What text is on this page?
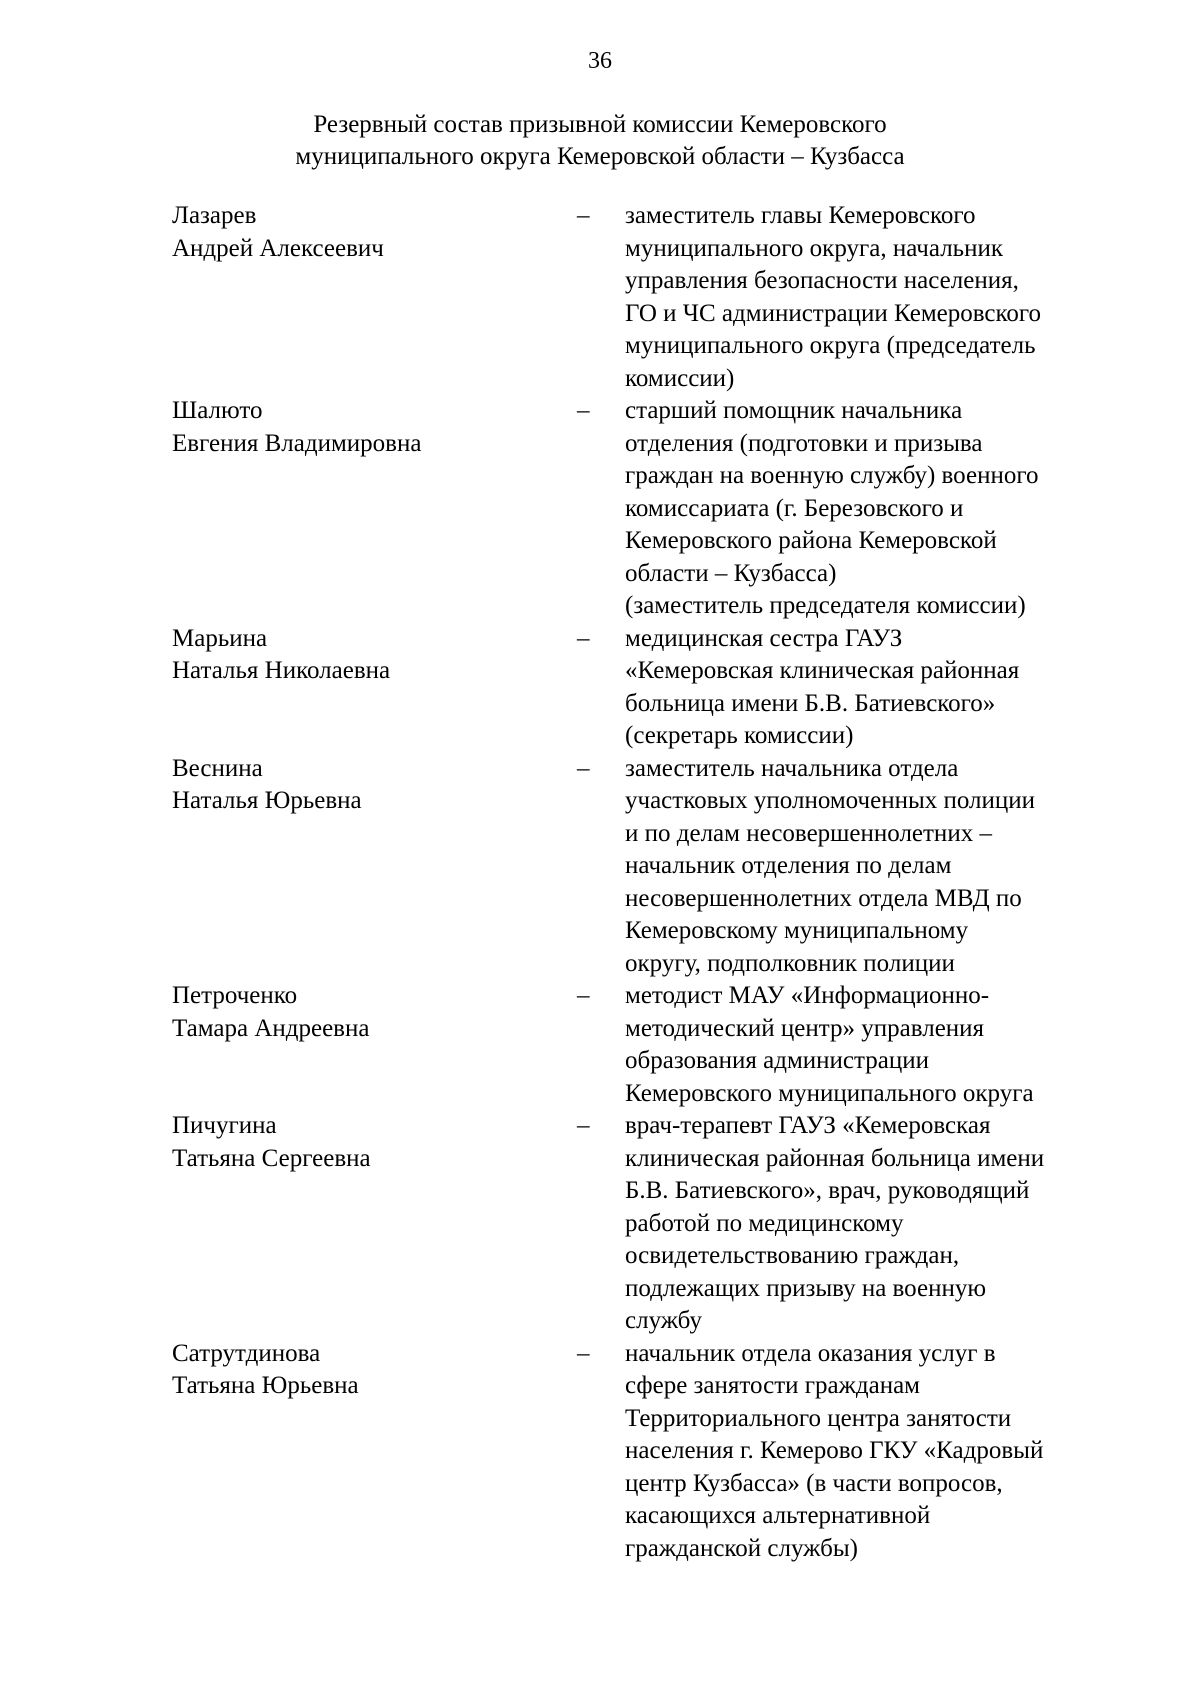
36
Резервный состав призывной комиссии Кемеровского
муниципального округа Кемеровской области – Кузбасса
Лазарев
Андрей Алексеевич
–	заместитель главы Кемеровского
муниципального округа, начальник
управления безопасности населения,
ГО и ЧС администрации Кемеровского
муниципального округа (председатель
комиссии)
Шалюто
Евгения Владимировна
–	старший помощник начальника
отделения (подготовки и призыва
граждан на военную службу) военного
комиссариата (г. Березовского и
Кемеровского района Кемеровской
области – Кузбасса)
(заместитель председателя комиссии)
Марьина
Наталья Николаевна
–	медицинская сестра ГАУЗ
«Кемеровская клиническая районная
больница имени Б.В. Батиевского»
(секретарь комиссии)
Веснина
Наталья Юрьевна
–	заместитель начальника отдела
участковых уполномоченных полиции
и по делам несовершеннолетних –
начальник отделения по делам
несовершеннолетних отдела МВД по
Кемеровскому муниципальному
округу, подполковник полиции
Петроченко
Тамара Андреевна
–	методист МАУ «Информационно-
методический центр» управления
образования администрации
Кемеровского муниципального округа
Пичугина
Татьяна Сергеевна
–	врач-терапевт ГАУЗ «Кемеровская
клиническая районная больница имени
Б.В. Батиевского», врач, руководящий
работой по медицинскому
освидетельствованию граждан,
подлежащих призыву на военную
службу
Сатрутдинова
Татьяна Юрьевна
–	начальник отдела оказания услуг в
сфере занятости гражданам
Территориального центра занятости
населения г. Кемерово ГКУ «Кадровый
центр Кузбасса» (в части вопросов,
касающихся альтернативной
гражданской службы)
